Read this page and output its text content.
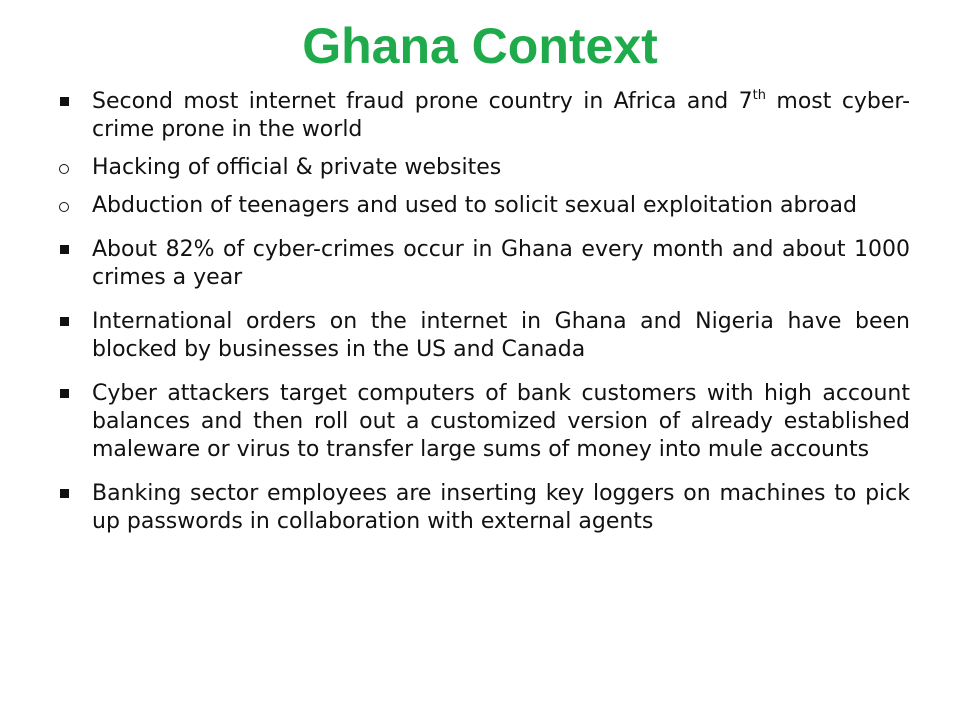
Ghana Context
Second most internet fraud prone country in Africa and 7th most cyber-crime prone in the world
Hacking of official & private websites
Abduction of teenagers and used to solicit sexual exploitation abroad
About 82% of cyber-crimes occur in Ghana every month and about 1000 crimes a year
International orders on the internet in Ghana and Nigeria have been blocked by businesses in the US and Canada
Cyber attackers target computers of bank customers with high account balances and then roll out a customized version of already established maleware or virus to transfer large sums of money into mule accounts
Banking sector employees are inserting key loggers on machines to pick up passwords in collaboration with external agents
